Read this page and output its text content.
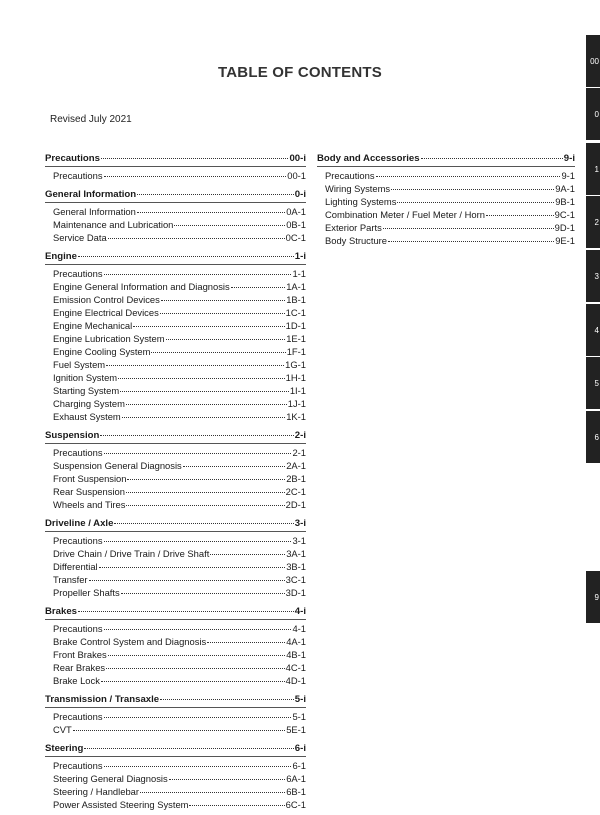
TABLE OF CONTENTS
Revised July 2021
Precautions	00-i
Precautions	00-1
General Information	0-i
General Information	0A-1
Maintenance and Lubrication	0B-1
Service Data	0C-1
Engine	1-i
Precautions	1-1
Engine General Information and Diagnosis	1A-1
Emission Control Devices	1B-1
Engine Electrical Devices	1C-1
Engine Mechanical	1D-1
Engine Lubrication System	1E-1
Engine Cooling System	1F-1
Fuel System	1G-1
Ignition System	1H-1
Starting System	1I-1
Charging System	1J-1
Exhaust System	1K-1
Suspension	2-i
Precautions	2-1
Suspension General Diagnosis	2A-1
Front Suspension	2B-1
Rear Suspension	2C-1
Wheels and Tires	2D-1
Driveline / Axle	3-i
Precautions	3-1
Drive Chain / Drive Train / Drive Shaft	3A-1
Differential	3B-1
Transfer	3C-1
Propeller Shafts	3D-1
Brakes	4-i
Precautions	4-1
Brake Control System and Diagnosis	4A-1
Front Brakes	4B-1
Rear Brakes	4C-1
Brake Lock	4D-1
Transmission / Transaxle	5-i
Precautions	5-1
CVT	5E-1
Steering	6-i
Precautions	6-1
Steering General Diagnosis	6A-1
Steering / Handlebar	6B-1
Power Assisted Steering System	6C-1
Body and Accessories	9-i
Precautions	9-1
Wiring Systems	9A-1
Lighting Systems	9B-1
Combination Meter / Fuel Meter / Horn	9C-1
Exterior Parts	9D-1
Body Structure	9E-1
00
0
1
2
3
4
5
6
9
